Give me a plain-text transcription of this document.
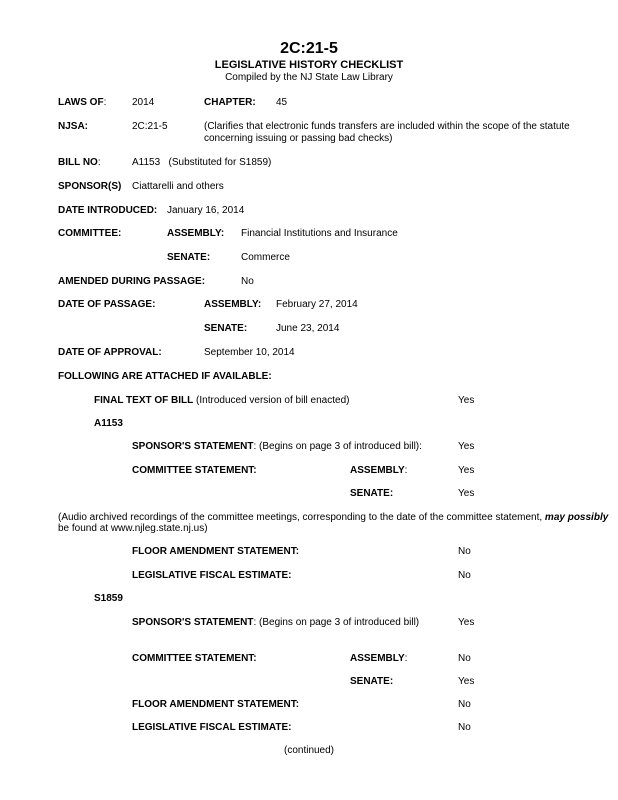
2C:21-5
LEGISLATIVE HISTORY CHECKLIST
Compiled by the NJ State Law Library
LAWS OF:	2014	CHAPTER: 45
NJSA:	2C:21-5	(Clarifies that electronic funds transfers are included within the scope of the statute concerning issuing or passing bad checks)
BILL NO:	A1153   (Substituted for S1859)
SPONSOR(S) Ciattarelli and others
DATE INTRODUCED: January 16, 2014
COMMITTEE:	ASSEMBLY: Financial Institutions and Insurance
SENATE:	Commerce
AMENDED DURING PASSAGE:	No
DATE OF PASSAGE:	ASSEMBLY: February 27, 2014
SENATE:	June 23, 2014
DATE OF APPROVAL:	September 10, 2014
FOLLOWING ARE ATTACHED IF AVAILABLE:
FINAL TEXT OF BILL (Introduced version of bill enacted)	Yes
A1153
SPONSOR'S STATEMENT: (Begins on page 3 of introduced bill):	Yes
COMMITTEE STATEMENT:	ASSEMBLY:	Yes
SENATE:	Yes
(Audio archived recordings of the committee meetings, corresponding to the date of the committee statement, may possibly
be found at www.njleg.state.nj.us)
FLOOR AMENDMENT STATEMENT:	No
LEGISLATIVE FISCAL ESTIMATE:	No
S1859
SPONSOR'S STATEMENT: (Begins on page 3 of introduced bill)	Yes
COMMITTEE STATEMENT:	ASSEMBLY:	No
SENATE:	Yes
FLOOR AMENDMENT STATEMENT:	No
LEGISLATIVE FISCAL ESTIMATE:	No
(continued)
